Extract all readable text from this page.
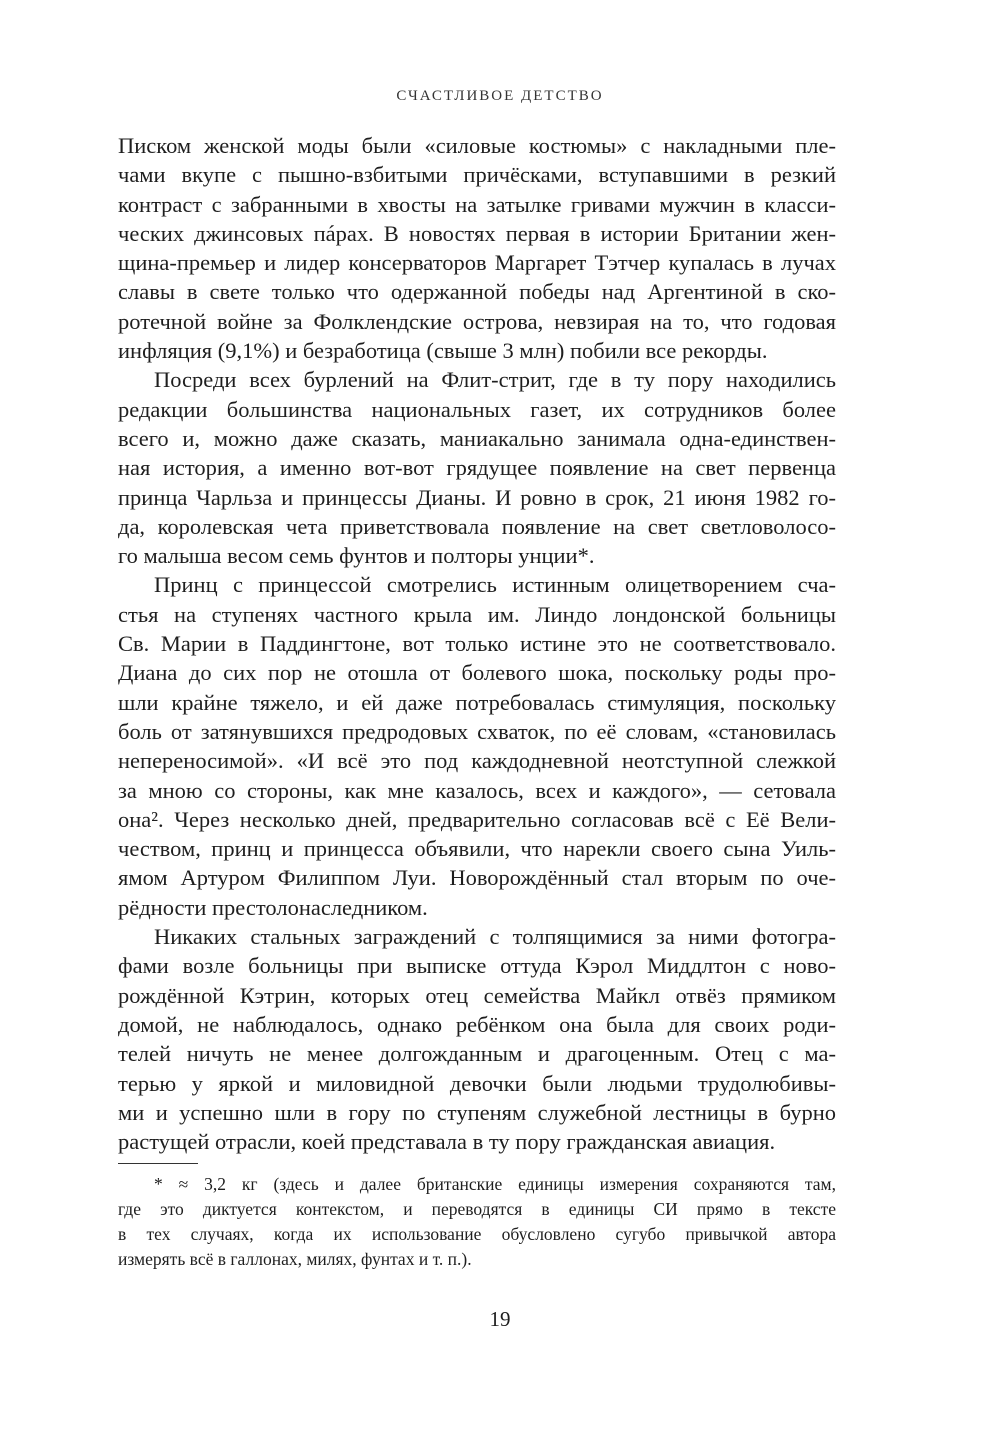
СЧАСТЛИВОЕ ДЕТСТВО
Писком женской моды были «силовые костюмы» с накладными пле-
чами вкупе с пышно-взбитыми причёсками, вступавшими в резкий
контраст с забранными в хвосты на затылке гривами мужчин в класси-
ческих джинсовых пáрах. В новостях первая в истории Британии жен-
щина-премьер и лидер консерваторов Маргарет Тэтчер купалась в лучах
славы в свете только что одержанной победы над Аргентиной в ско-
ротечной войне за Фолклендские острова, невзирая на то, что годовая
инфляция (9,1%) и безработица (свыше 3 млн) побили все рекорды.
Посреди всех бурлений на Флит-стрит, где в ту пору находились
редакции большинства национальных газет, их сотрудников более
всего и, можно даже сказать, маниакально занимала одна-единствен-
ная история, а именно вот-вот грядущее появление на свет первенца
принца Чарльза и принцессы Дианы. И ровно в срок, 21 июня 1982 го-
да, королевская чета приветствовала появление на свет светловолосо-
го малыша весом семь фунтов и полторы унции*.
Принц с принцессой смотрелись истинным олицетворением сча-
стья на ступенях частного крыла им. Линдо лондонской больницы
Св. Марии в Паддингтоне, вот только истине это не соответствовало.
Диана до сих пор не отошла от болевого шока, поскольку роды про-
шли крайне тяжело, и ей даже потребовалась стимуляция, поскольку
боль от затянувшихся предродовых схваток, по её словам, «становилась
непереносимой». «И всё это под каждодневной неотступной слежкой
за мною со стороны, как мне казалось, всех и каждого», — сетовала
она². Через несколько дней, предварительно согласовав всё с Её Вели-
чеством, принц и принцесса объявили, что нарекли своего сына Уиль-
ямом Артуром Филиппом Луи. Новорождённый стал вторым по оче-
рёдности престолонаследником.
Никаких стальных заграждений с толпящимися за ними фотогра-
фами возле больницы при выписке оттуда Кэрол Миддлтон с ново-
рождённой Кэтрин, которых отец семейства Майкл отвёз прямиком
домой, не наблюдалось, однако ребёнком она была для своих роди-
телей ничуть не менее долгожданным и драгоценным. Отец с ма-
терью у яркой и миловидной девочки были людьми трудолюбивы-
ми и успешно шли в гору по ступеням служебной лестницы в бурно
растущей отрасли, коей представала в ту пору гражданская авиация.
* ≈ 3,2 кг (здесь и далее британские единицы измерения сохраняются там,
где это диктуется контекстом, и переводятся в единицы СИ прямо в тексте
в тех случаях, когда их использование обусловлено сугубо привычкой автора
измерять всё в галлонах, милях, фунтах и т. п.).
19
